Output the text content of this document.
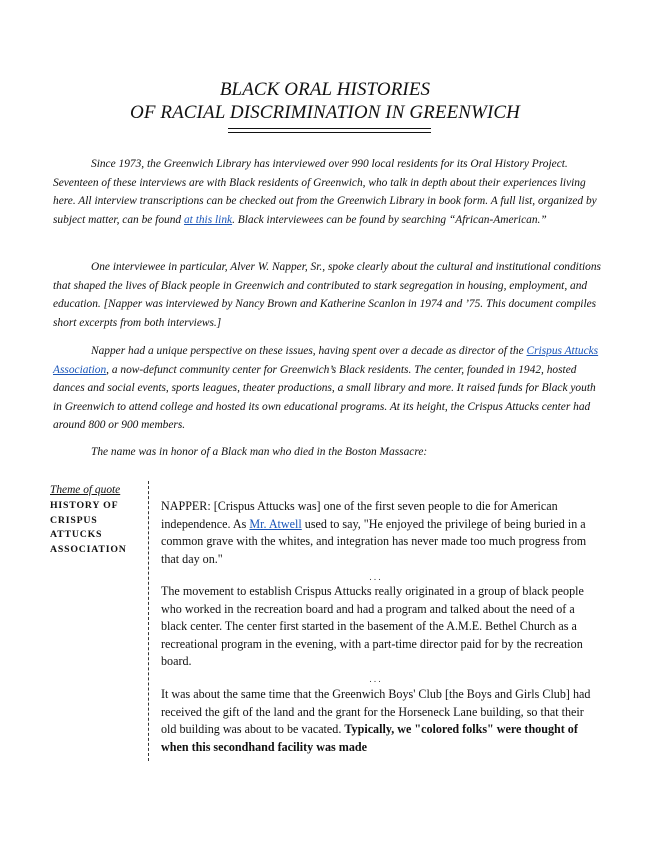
BLACK ORAL HISTORIES
OF RACIAL DISCRIMINATION IN GREENWICH

Since 1973, the Greenwich Library has interviewed over 990 local residents for its Oral History Project. Seventeen of these interviews are with Black residents of Greenwich, who talk in depth about their experiences living here. All interview transcriptions can be checked out from the Greenwich Library in book form. A full list, organized by subject matter, can be found at this link. Black interviewees can be found by searching “African-American.”

One interviewee in particular, Alver W. Napper, Sr., spoke clearly about the cultural and institutional conditions that shaped the lives of Black people in Greenwich and contributed to stark segregation in housing, employment, and education. [Napper was interviewed by Nancy Brown and Katherine Scanlon in 1974 and ’75. This document compiles short excerpts from both interviews.]

Napper had a unique perspective on these issues, having spent over a decade as director of the Crispus Attucks Association, a now-defunct community center for Greenwich’s Black residents. The center, founded in 1942, hosted dances and social events, sports leagues, theater productions, a small library and more. It raised funds for Black youth in Greenwich to attend college and hosted its own educational programs. At its height, the Crispus Attucks center had around 800 or 900 members.

The name was in honor of a Black man who died in the Boston Massacre:

Theme of quote
HISTORY OF
CRISPUS
ATTUCKS
ASSOCIATION

NAPPER: [Crispus Attucks was] one of the first seven people to die for American independence. As Mr. Atwell used to say, "He enjoyed the privilege of being buried in a common grave with the whites, and integration has never made too much progress from that day on."

. . .

The movement to establish Crispus Attucks really originated in a group of black people who worked in the recreation board and had a program and talked about the need of a black center. The center first started in the basement of the A.M.E. Bethel Church as a recreational program in the evening, with a part-time director paid for by the recreation board.

. . .

It was about the same time that the Greenwich Boys' Club [the Boys and Girls Club] had received the gift of the land and the grant for the Horseneck Lane building, so that their old building was about to be vacated. Typically, we "colored folks" were thought of when this secondhand facility was made
